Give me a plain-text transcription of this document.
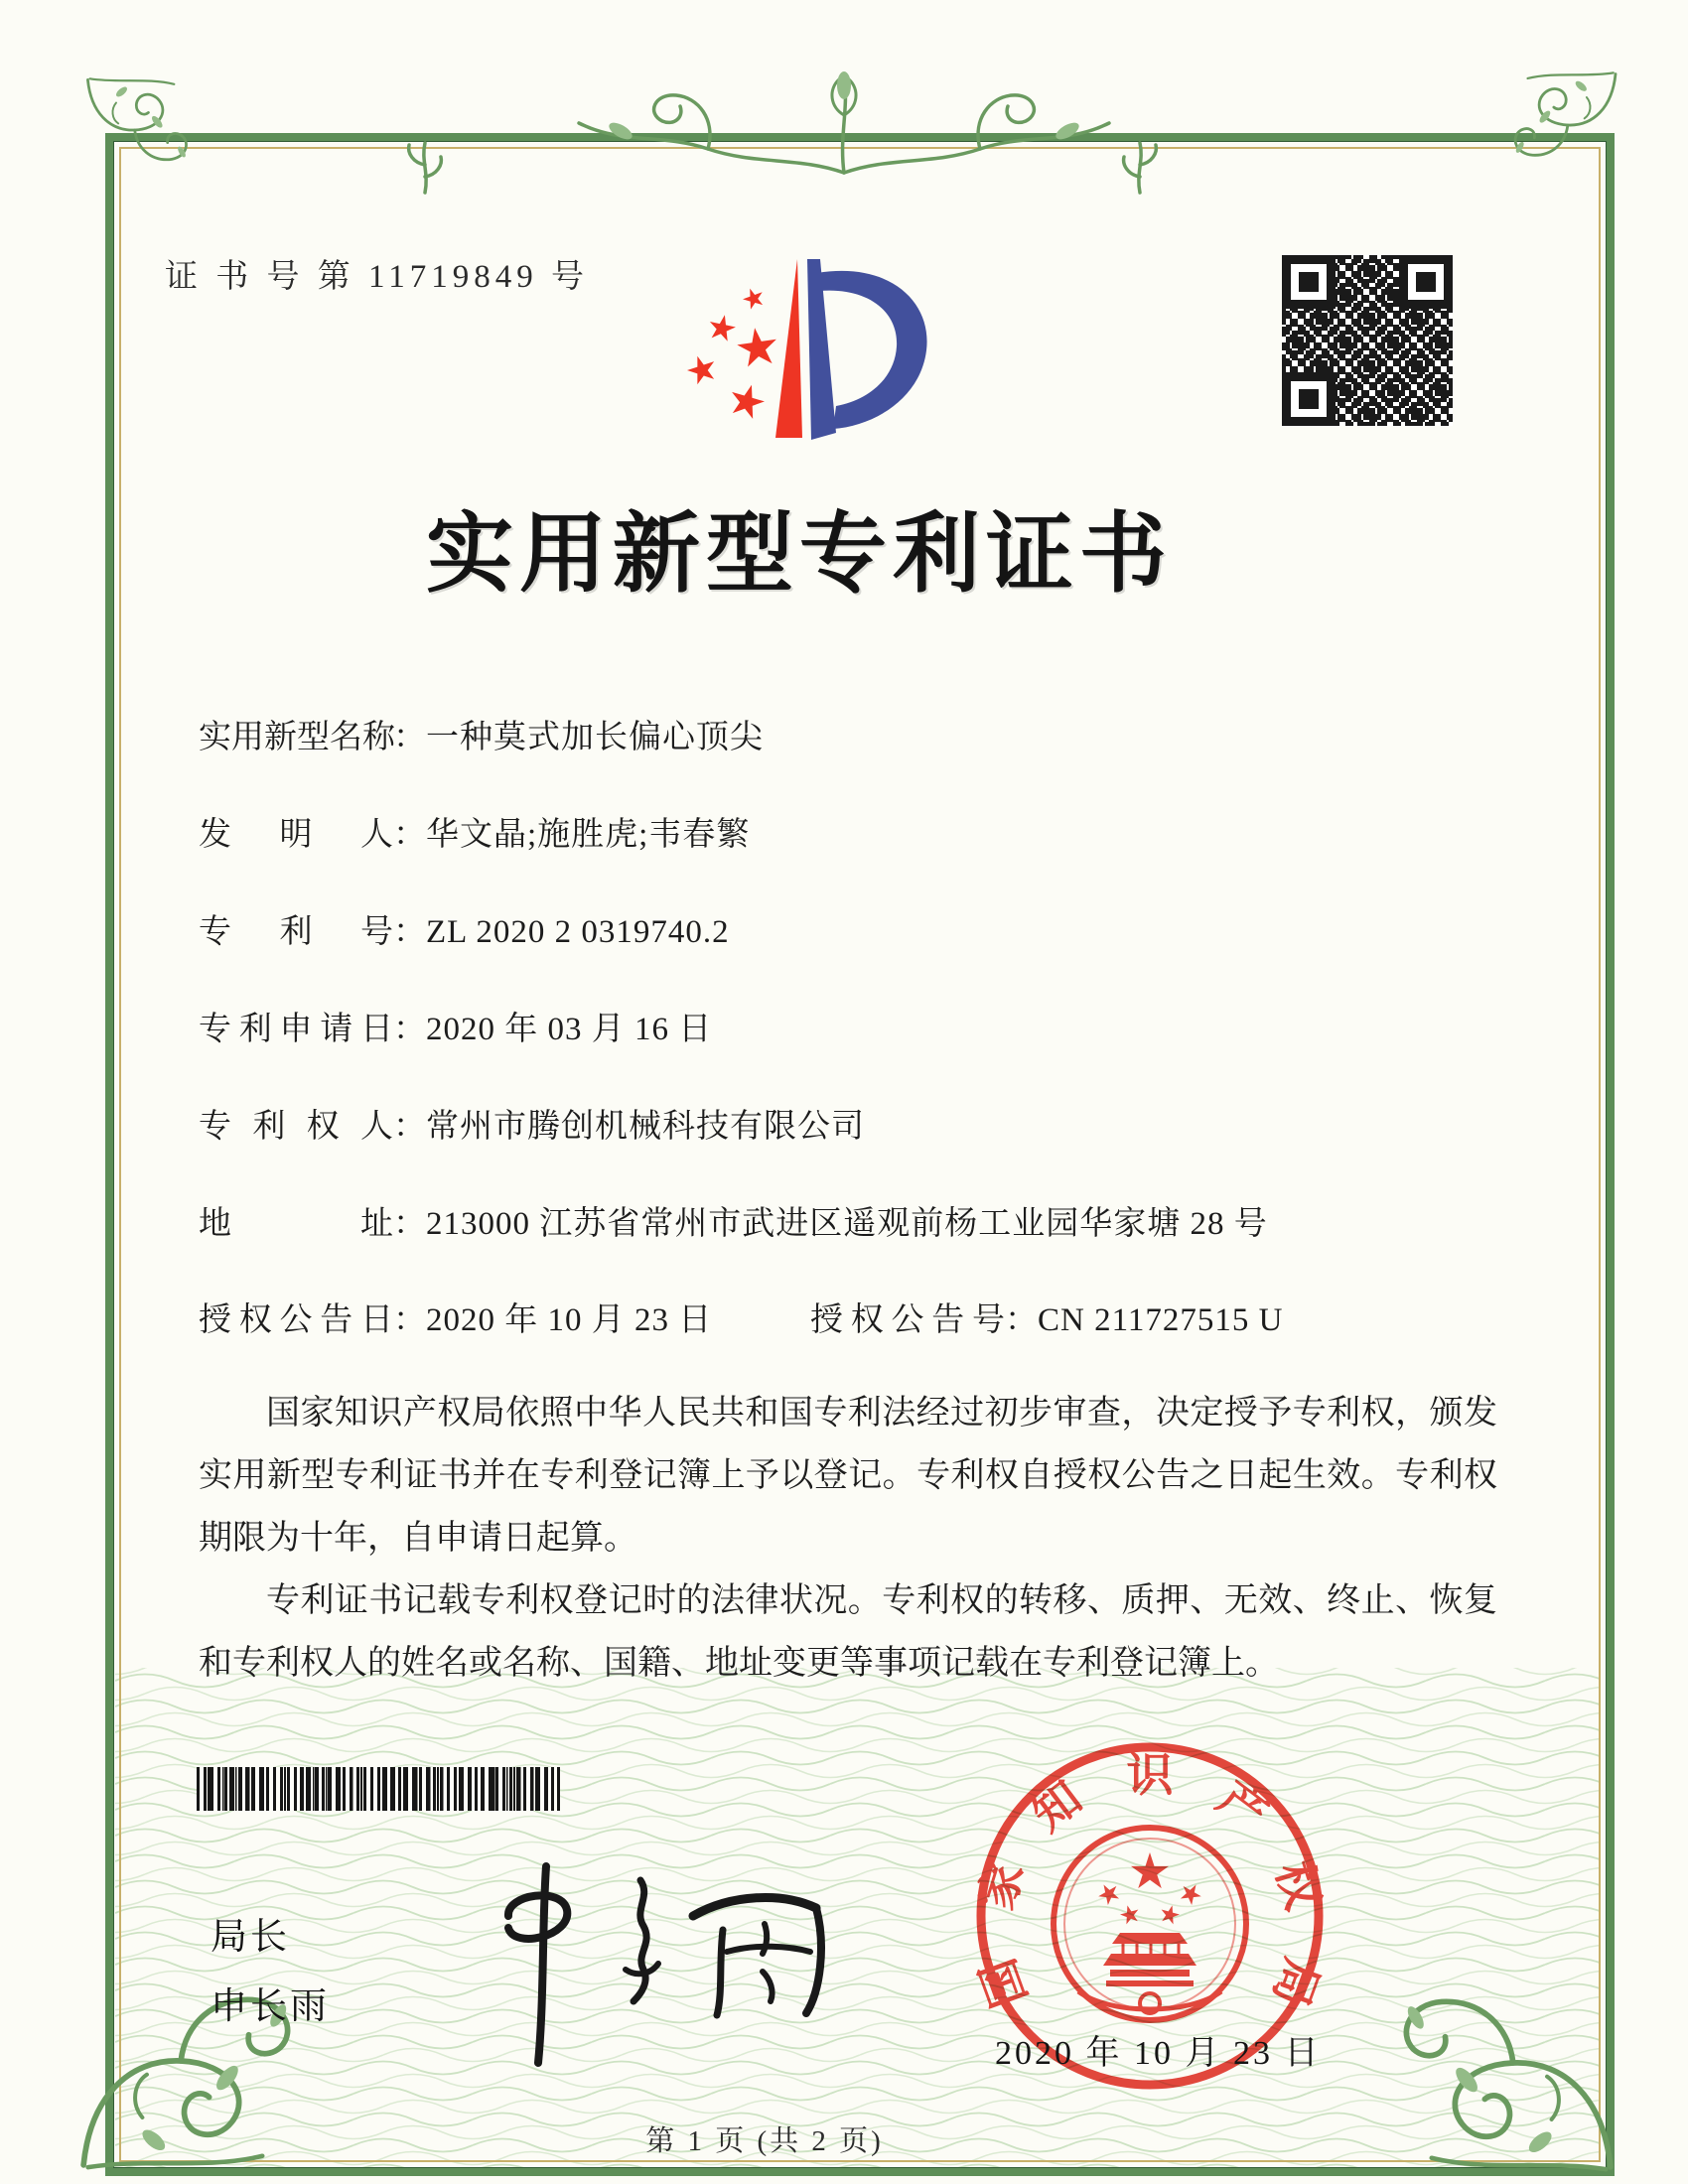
证 书 号 第 11719849 号
实用新型专利证书
实用新型名称：一种莫式加长偏心顶尖
发明人：华文晶;施胜虎;韦春繁
专利号：ZL 2020 2 0319740.2
专利申请日：2020 年 03 月 16 日
专利权人：常州市腾创机械科技有限公司
地址：213000 江苏省常州市武进区遥观前杨工业园华家塘 28 号
授权公告日：2020 年 10 月 23 日	授权公告号：CN 211727515 U

国家知识产权局依照中华人民共和国专利法经过初步审查，决定授予专利权，颁发实用新型专利证书并在专利登记簿上予以登记。专利权自授权公告之日起生效。专利权期限为十年，自申请日起算。

专利证书记载专利权登记时的法律状况。专利权的转移、质押、无效、终止、恢复和专利权人的姓名或名称、国籍、地址变更等事项记载在专利登记簿上。

局长
申长雨	国
家
知 识 产
权
局
2020 年 10 月 23 日
第 1 页 (共 2 页)
